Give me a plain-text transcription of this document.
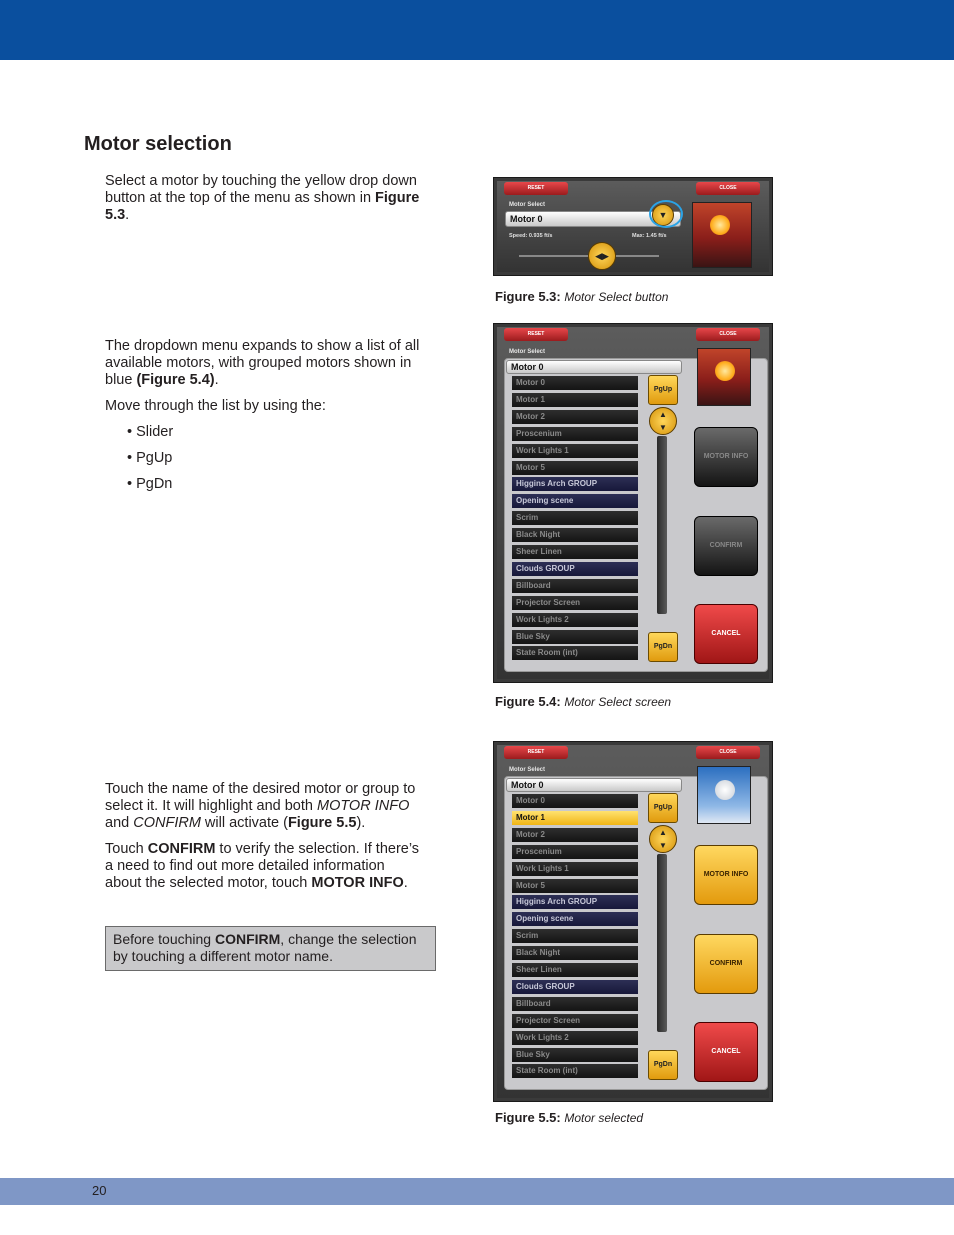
Motor selection

Select a motor by touching the yellow drop down button at the top of the menu as shown in Figure 5.3.

The dropdown menu expands to show a list of all available motors, with grouped motors shown in blue (Figure 5.4).

Move through the list by using the:

• Slider

• PgUp

• PgDn

Touch the name of the desired motor or group to select it. It will highlight and both MOTOR INFO and CONFIRM will activate (Figure 5.5).

Touch CONFIRM to verify the selection. If there’s a need to find out more detailed information about the selected motor, touch MOTOR INFO.

Before touching CONFIRM, change the selection by touching a different motor name.
RESET	CLOSE
Motor Select
Motor 0	▼
Speed: 0.935 ft/s	Max: 1.45 ft/s
◀▶
Figure 5.3: Motor Select button
RESET	CLOSE
Motor Select
Motor 0
Motor 0
Motor 1
Motor 2
Proscenium
Work Lights 1
Motor 5
Higgins Arch GROUP
Opening scene
Scrim
Black Night
Sheer Linen
Clouds GROUP
Billboard
Projector Screen
Work Lights 2
Blue Sky
State Room (int)
PgUp
▲
▼
PgDn
MOTOR INFO
CONFIRM
CANCEL
Figure 5.4: Motor Select screen
RESET	CLOSE
Motor Select
Motor 0
Motor 0
Motor 1
Motor 2
Proscenium
Work Lights 1
Motor 5
Higgins Arch GROUP
Opening scene
Scrim
Black Night
Sheer Linen
Clouds GROUP
Billboard
Projector Screen
Work Lights 2
Blue Sky
State Room (int)
PgUp
▲
▼
PgDn
MOTOR INFO
CONFIRM
CANCEL
Figure 5.5: Motor selected
20
